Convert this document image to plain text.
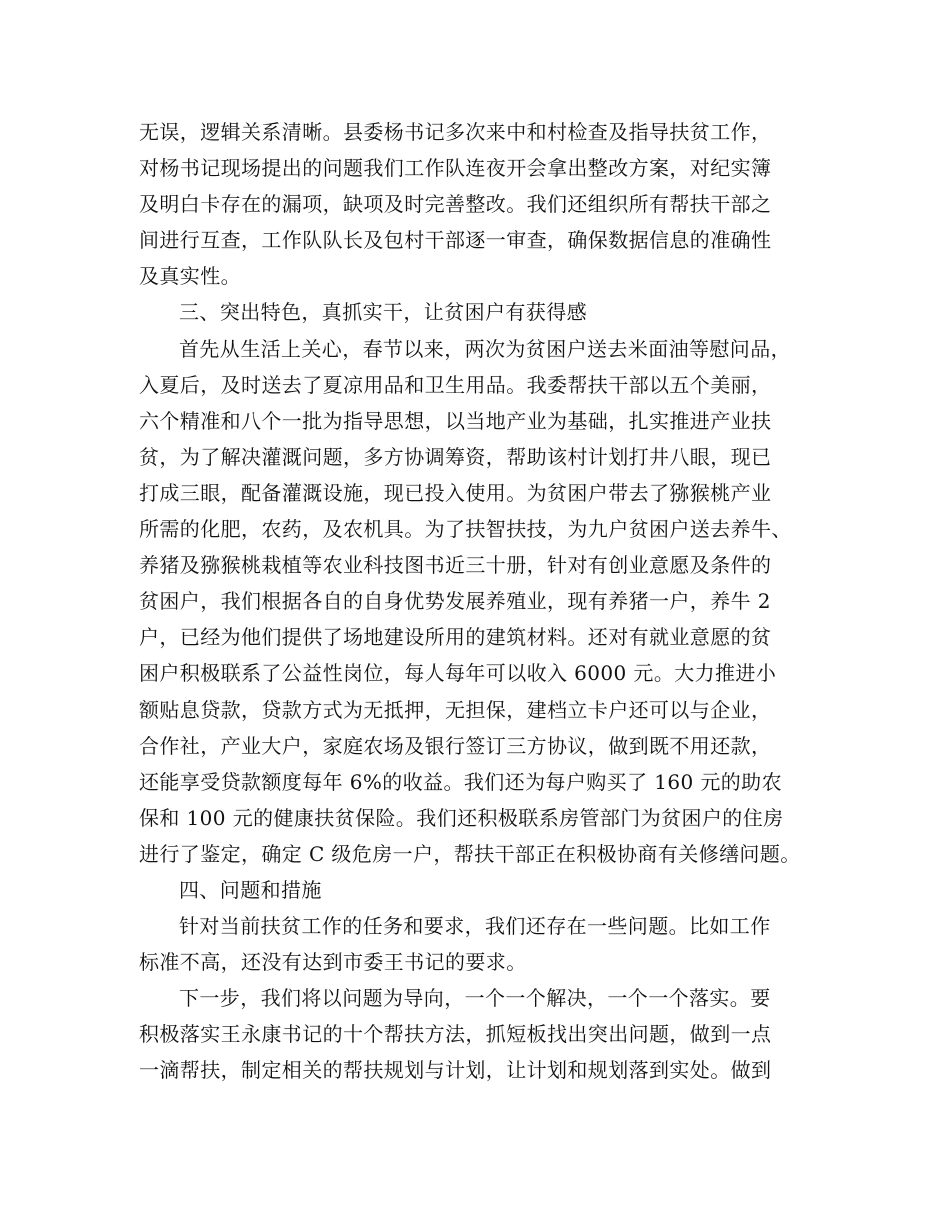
无误，逻辑关系清晰。县委杨书记多次来中和村检查及指导扶贫工作，
对杨书记现场提出的问题我们工作队连夜开会拿出整改方案，对纪实簿
及明白卡存在的漏项，缺项及时完善整改。我们还组织所有帮扶干部之
间进行互查，工作队队长及包村干部逐一审查，确保数据信息的准确性
及真实性。
三、突出特色，真抓实干，让贫困户有获得感
首先从生活上关心，春节以来，两次为贫困户送去米面油等慰问品，
入夏后，及时送去了夏凉用品和卫生用品。我委帮扶干部以五个美丽，
六个精准和八个一批为指导思想，以当地产业为基础，扎实推进产业扶
贫，为了解决灌溉问题，多方协调筹资，帮助该村计划打井八眼，现已
打成三眼，配备灌溉设施，现已投入使用。为贫困户带去了猕猴桃产业
所需的化肥，农药，及农机具。为了扶智扶技，为九户贫困户送去养牛、
养猪及猕猴桃栽植等农业科技图书近三十册，针对有创业意愿及条件的
贫困户，我们根据各自的自身优势发展养殖业，现有养猪一户，养牛 2
户，已经为他们提供了场地建设所用的建筑材料。还对有就业意愿的贫
困户积极联系了公益性岗位，每人每年可以收入 6000 元。大力推进小
额贴息贷款，贷款方式为无抵押，无担保，建档立卡户还可以与企业，
合作社，产业大户，家庭农场及银行签订三方协议，做到既不用还款，
还能享受贷款额度每年 6%的收益。我们还为每户购买了 160 元的助农
保和 100 元的健康扶贫保险。我们还积极联系房管部门为贫困户的住房
进行了鉴定，确定 C 级危房一户，帮扶干部正在积极协商有关修缮问题。
四、问题和措施
针对当前扶贫工作的任务和要求，我们还存在一些问题。比如工作
标准不高，还没有达到市委王书记的要求。
下一步，我们将以问题为导向，一个一个解决，一个一个落实。要
积极落实王永康书记的十个帮扶方法，抓短板找出突出问题，做到一点
一滴帮扶，制定相关的帮扶规划与计划，让计划和规划落到实处。做到
